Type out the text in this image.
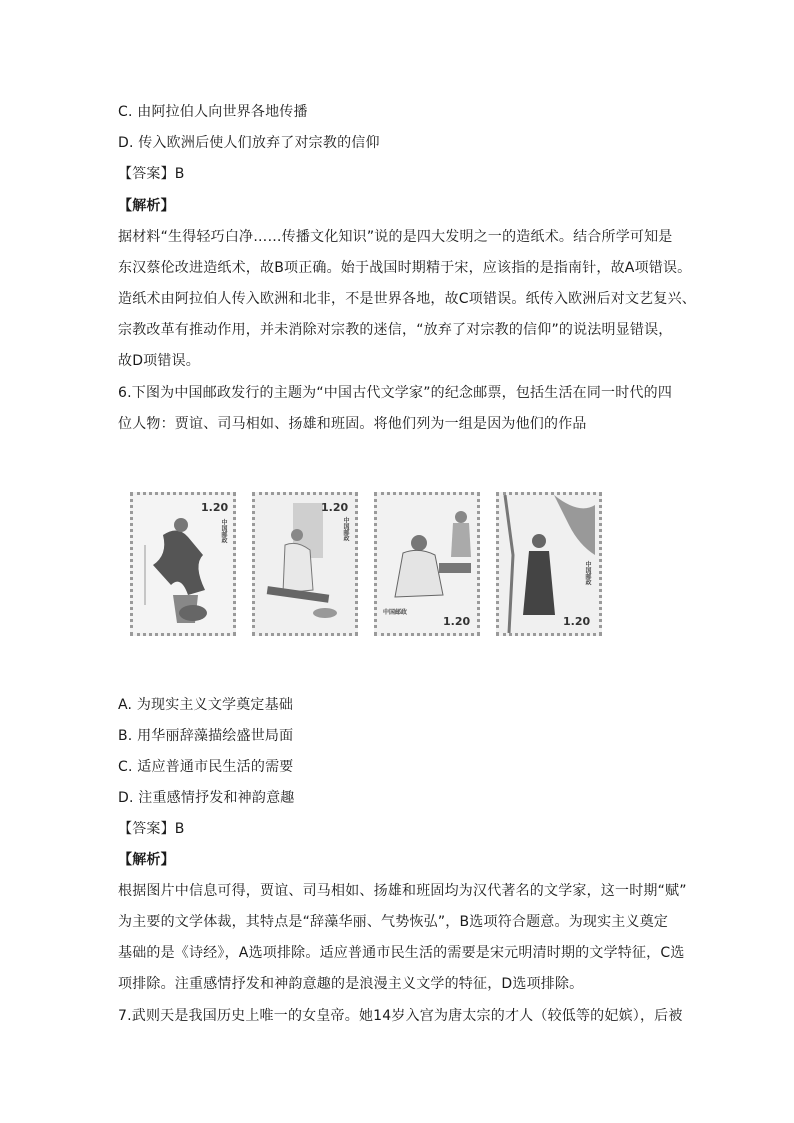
C. 由阿拉伯人向世界各地传播
D. 传入欧洲后使人们放弃了对宗教的信仰
【答案】B
【解析】
据材料“生得轻巧白净……传播文化知识”说的是四大发明之一的造纸术。结合所学可知是
东汉蔡伦改进造纸术，故B项正确。始于战国时期精于宋，应该指的是指南针，故A项错误。
造纸术由阿拉伯人传入欧洲和北非，不是世界各地，故C项错误。纸传入欧洲后对文艺复兴、
宗教改革有推动作用，并未消除对宗教的迷信，“放弃了对宗教的信仰”的说法明显错误，
故D项错误。
6.下图为中国邮政发行的主题为“中国古代文学家”的纪念邮票，包括生活在同一时代的四
位人物：贾谊、司马相如、扬雄和班固。将他们列为一组是因为他们的作品
1.20
中国邮政
1.20
中国邮政
中国邮政
1.20
中国邮政
1.20
A. 为现实主义文学奠定基础
B. 用华丽辞藻描绘盛世局面
C. 适应普通市民生活的需要
D. 注重感情抒发和神韵意趣
【答案】B
【解析】
根据图片中信息可得，贾谊、司马相如、扬雄和班固均为汉代著名的文学家，这一时期“赋”
为主要的文学体裁，其特点是“辞藻华丽、气势恢弘”，B选项符合题意。为现实主义奠定
基础的是《诗经》，A选项排除。适应普通市民生活的需要是宋元明清时期的文学特征，C选
项排除。注重感情抒发和神韵意趣的是浪漫主义文学的特征，D选项排除。
7.武则天是我国历史上唯一的女皇帝。她14岁入宫为唐太宗的才人（较低等的妃嫔），后被
